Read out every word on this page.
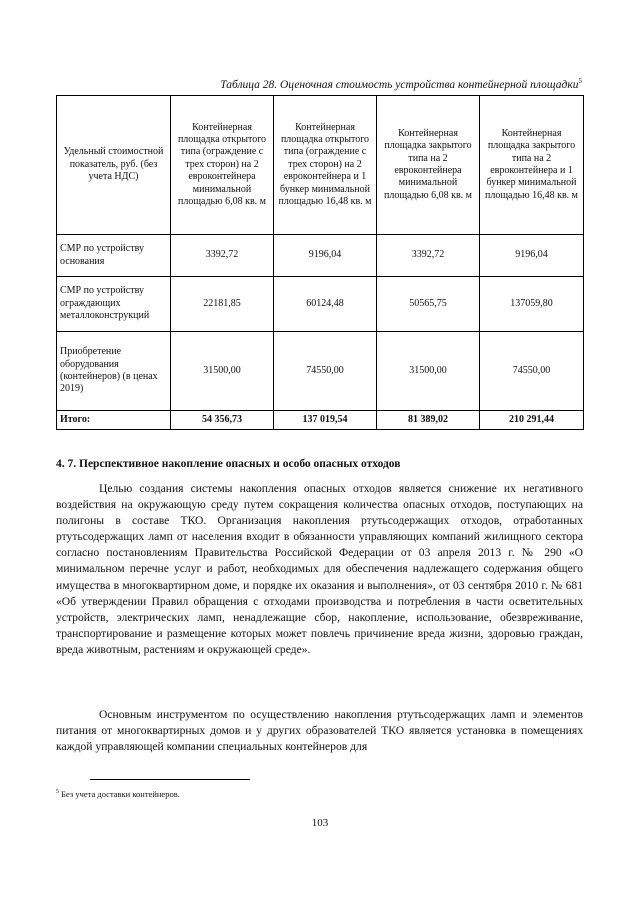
Таблица 28. Оценочная стоимость устройства контейнерной площадки$^5$
Удельный стоимостной показатель, руб. (без учета НДС)	Контейнерная площадка открытого типа (ограждение с трех сторон) на 2 евроконтейнера минимальной площадью 6,08 кв. м	Контейнерная площадка открытого типа (ограждение с трех сторон) на 2 евроконтейнера и 1 бункер минимальной площадью 16,48 кв. м	Контейнерная площадка закрытого типа на 2 евроконтейнера минимальной площадью 6,08 кв. м	Контейнерная площадка закрытого типа на 2 евроконтейнера и 1 бункер минимальной площадью 16,48 кв. м
СМР по устройству основания	3392,72	9196,04	3392,72	9196,04
СМР по устройству ограждающих металлоконструкций	22181,85	60124,48	50565,75	137059,80
Приобретение оборудования (контейнеров) (в ценах 2019)	31500,00	74550,00	31500,00	74550,00
Итого:	54 356,73	137 019,54	81 389,02	210 291,44
4. 7. Перспективное накопление опасных и особо опасных отходов

Целью создания системы накопления опасных отходов является снижение их негативного воздействия на окружающую среду путем сокращения количества опасных отходов, поступающих на полигоны в составе ТКО. Организация накопления ртутьсодержащих отходов, отработанных ртутьсодержащих ламп от населения входит в обязанности управляющих компаний жилищного сектора согласно постановлениям Правительства Российской Федерации от 03 апреля 2013 г. № 290 «О минимальном перечне услуг и работ, необходимых для обеспечения надлежащего содержания общего имущества в многоквартирном доме, и порядке их оказания и выполнения», от 03 сентября 2010 г. № 681 «Об утверждении Правил обращения с отходами производства и потребления в части осветительных устройств, электрических ламп, ненадлежащие сбор, накопление, использование, обезвреживание, транспортирование и размещение которых может повлечь причинение вреда жизни, здоровью граждан, вреда животным, растениям и окружающей среде».

Основным инструментом по осуществлению накопления ртутьсодержащих ламп и элементов питания от многоквартирных домов и у других образователей ТКО является установка в помещениях каждой управляющей компании специальных контейнеров для

$^5$ Без учета доставки контейнеров.
103
